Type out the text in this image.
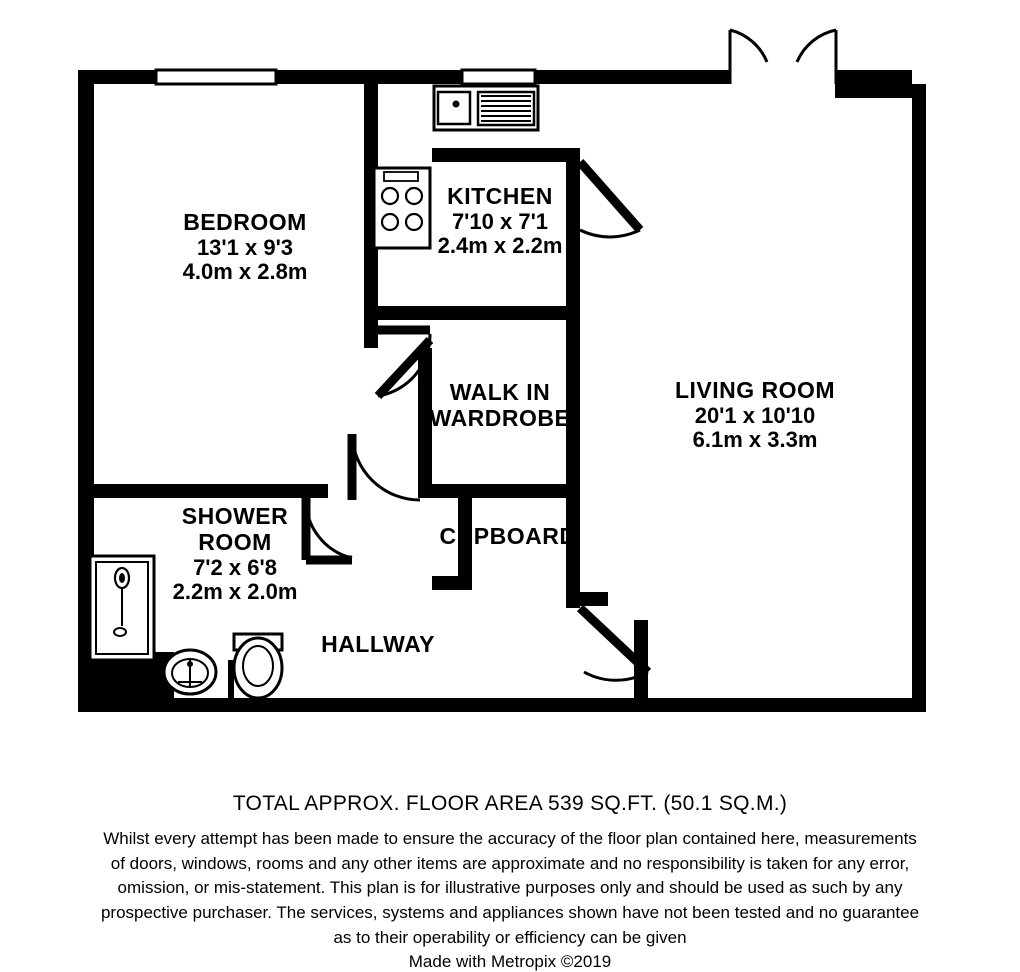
BEDROOM
13'1 x 9'3
4.0m x 2.8m
KITCHEN
7'10 x 7'1
2.4m x 2.2m
LIVING ROOM
20'1 x 10'10
6.1m x 3.3m
SHOWER
ROOM
7'2 x 6'8
2.2m x 2.0m
WALK IN
WARDROBE
CUPBOARD
HALLWAY
TOTAL APPROX. FLOOR AREA 539 SQ.FT. (50.1 SQ.M.)
Whilst every attempt has been made to ensure the accuracy of the floor plan contained here, measurements
of doors, windows, rooms and any other items are approximate and no responsibility is taken for any error,
omission, or mis-statement. This plan is for illustrative purposes only and should be used as such by any
prospective purchaser. The services, systems and appliances shown have not been tested and no guarantee
as to their operability or efficiency can be given
Made with Metropix ©2019
